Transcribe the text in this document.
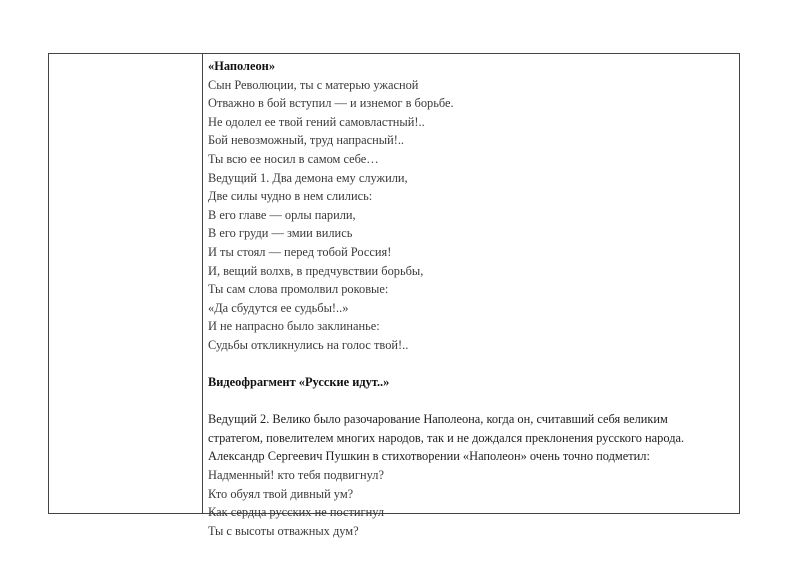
«Наполеон»
Сын Революции, ты с матерью ужасной
Отважно в бой вступил — и изнемог в борьбе.
Не одолел ее твой гений самовластный!..
Бой невозможный, труд напрасный!..
Ты всю ее носил в самом себе…
Ведущий 1. Два демона ему служили,
Две силы чудно в нем слились:
В его главе — орлы парили,
В его груди — змии вились
И ты стоял — перед тобой Россия!
И, вещий волхв, в предчувствии борьбы,
Ты сам слова промолвил роковые:
«Да сбудутся ее судьбы!..»
И не напрасно было заклинанье:
Судьбы откликнулись на голос твой!..
Видеофрагмент «Русские идут..»
Ведущий 2. Велико было разочарование Наполеона, когда он, считавший себя великим
стратегом, повелителем многих народов, так и не дождался преклонения русского народа.
Александр Сергеевич Пушкин в стихотворении «Наполеон» очень точно подметил:
Надменный! кто тебя подвигнул?
Кто обуял твой дивный ум?
Как сердца русских не постигнул
Ты с высоты отважных дум?
